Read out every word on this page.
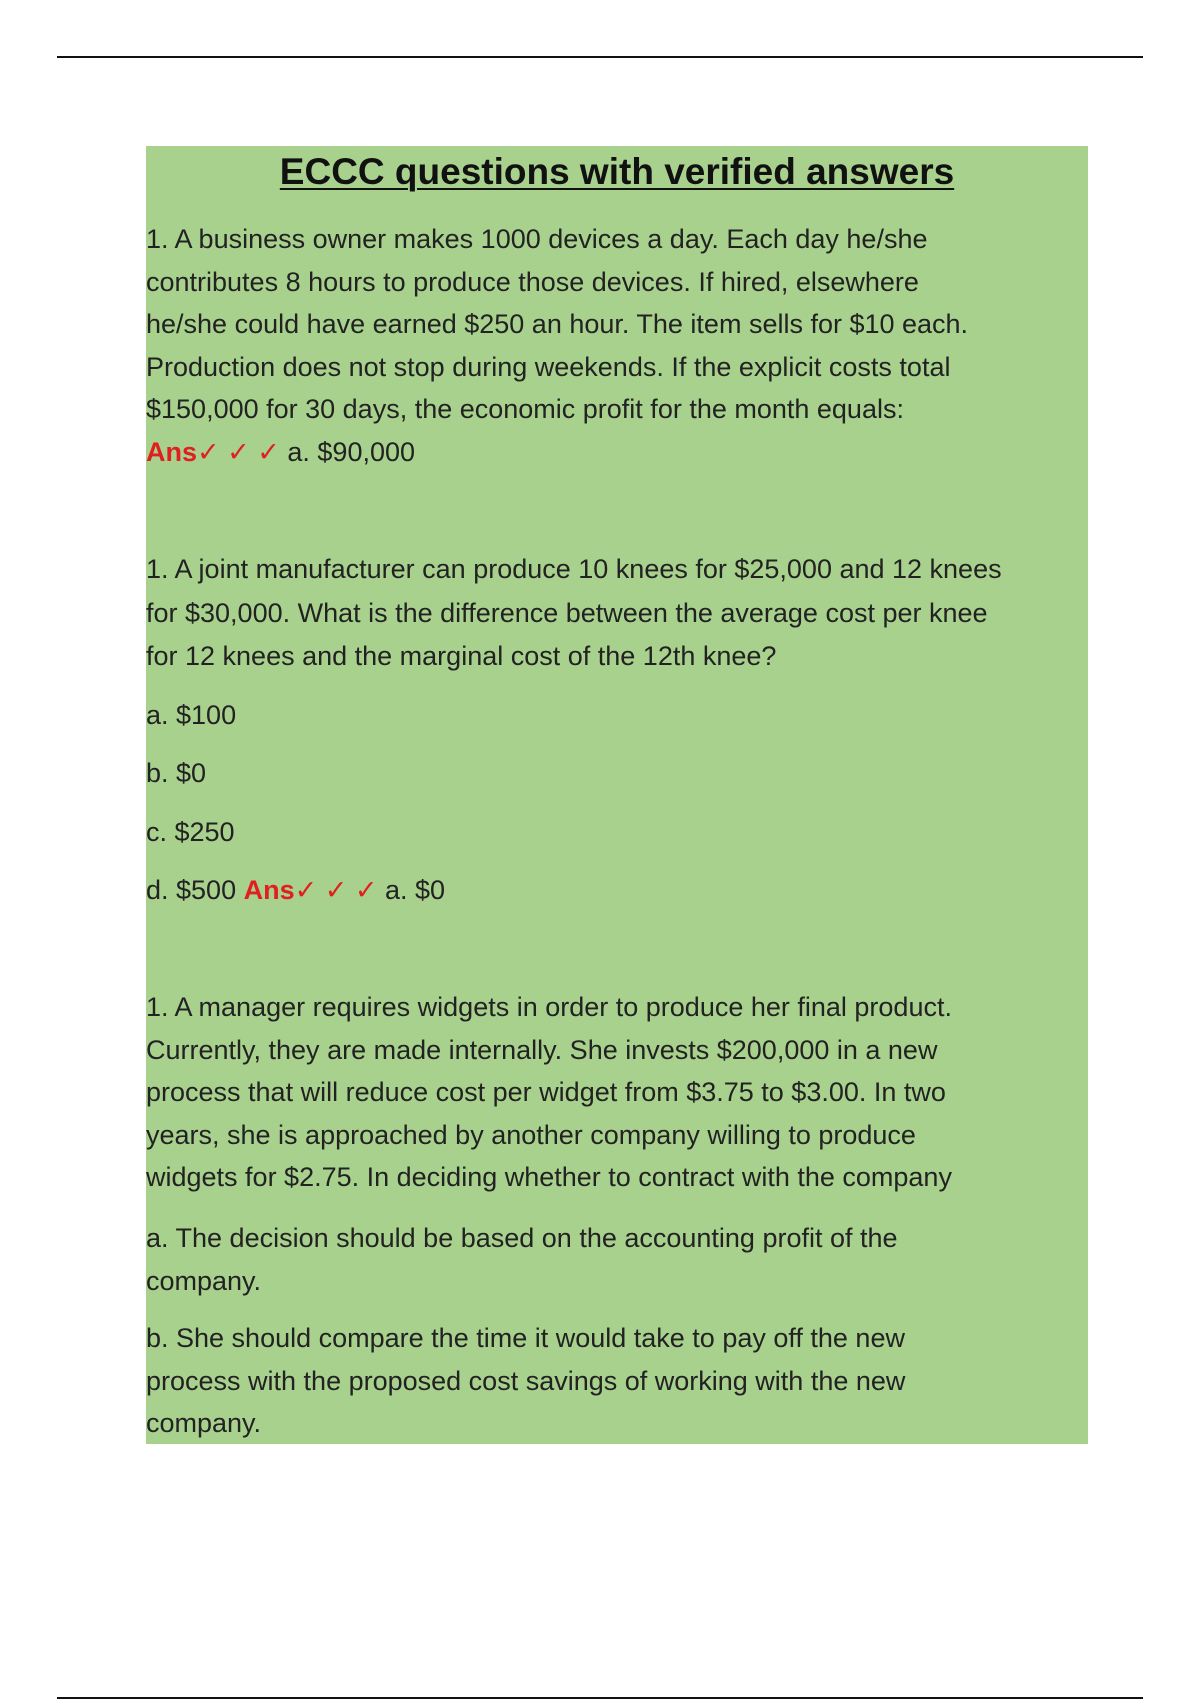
ECCC questions with verified answers

1. A business owner makes 1000 devices a day. Each day he/she
contributes 8 hours to produce those devices. If hired, elsewhere
he/she could have earned $250 an hour. The item sells for $10 each.
Production does not stop during weekends. If the explicit costs total
$150,000 for 30 days, the economic profit for the month equals:
Ans✓ ✓ ✓ a. $90,000

1. A joint manufacturer can produce 10 knees for $25,000 and 12 knees
for $30,000. What is the difference between the average cost per knee
for 12 knees and the marginal cost of the 12th knee?

a. $100

b. $0

c. $250

d. $500 Ans✓ ✓ ✓ a. $0

1. A manager requires widgets in order to produce her final product.
Currently, they are made internally. She invests $200,000 in a new
process that will reduce cost per widget from $3.75 to $3.00. In two
years, she is approached by another company willing to produce
widgets for $2.75. In deciding whether to contract with the company

a. The decision should be based on the accounting profit of the
company.

b. She should compare the time it would take to pay off the new
process with the proposed cost savings of working with the new
company.
